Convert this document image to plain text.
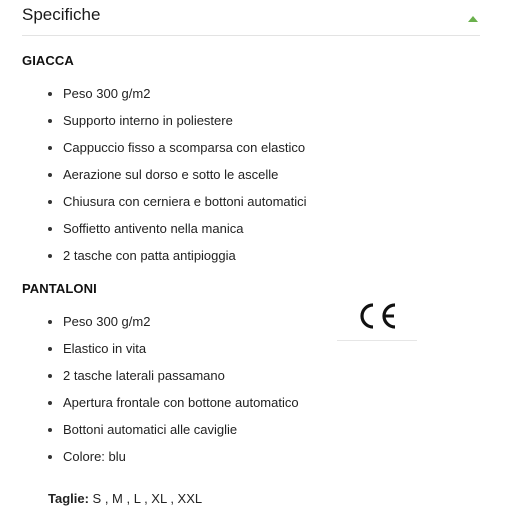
Specifiche
GIACCA
Peso 300 g/m2
Supporto interno in poliestere
Cappuccio fisso a scomparsa con elastico
Aerazione sul dorso e sotto le ascelle
Chiusura con cerniera e bottoni automatici
Soffietto antivento nella manica
2 tasche con patta antipioggia
PANTALONI
Peso 300 g/m2
Elastico in vita
2 tasche laterali passamano
Apertura frontale con bottone automatico
Bottoni automatici alle caviglie
Colore: blu
Taglie: S , M , L , XL , XXL
